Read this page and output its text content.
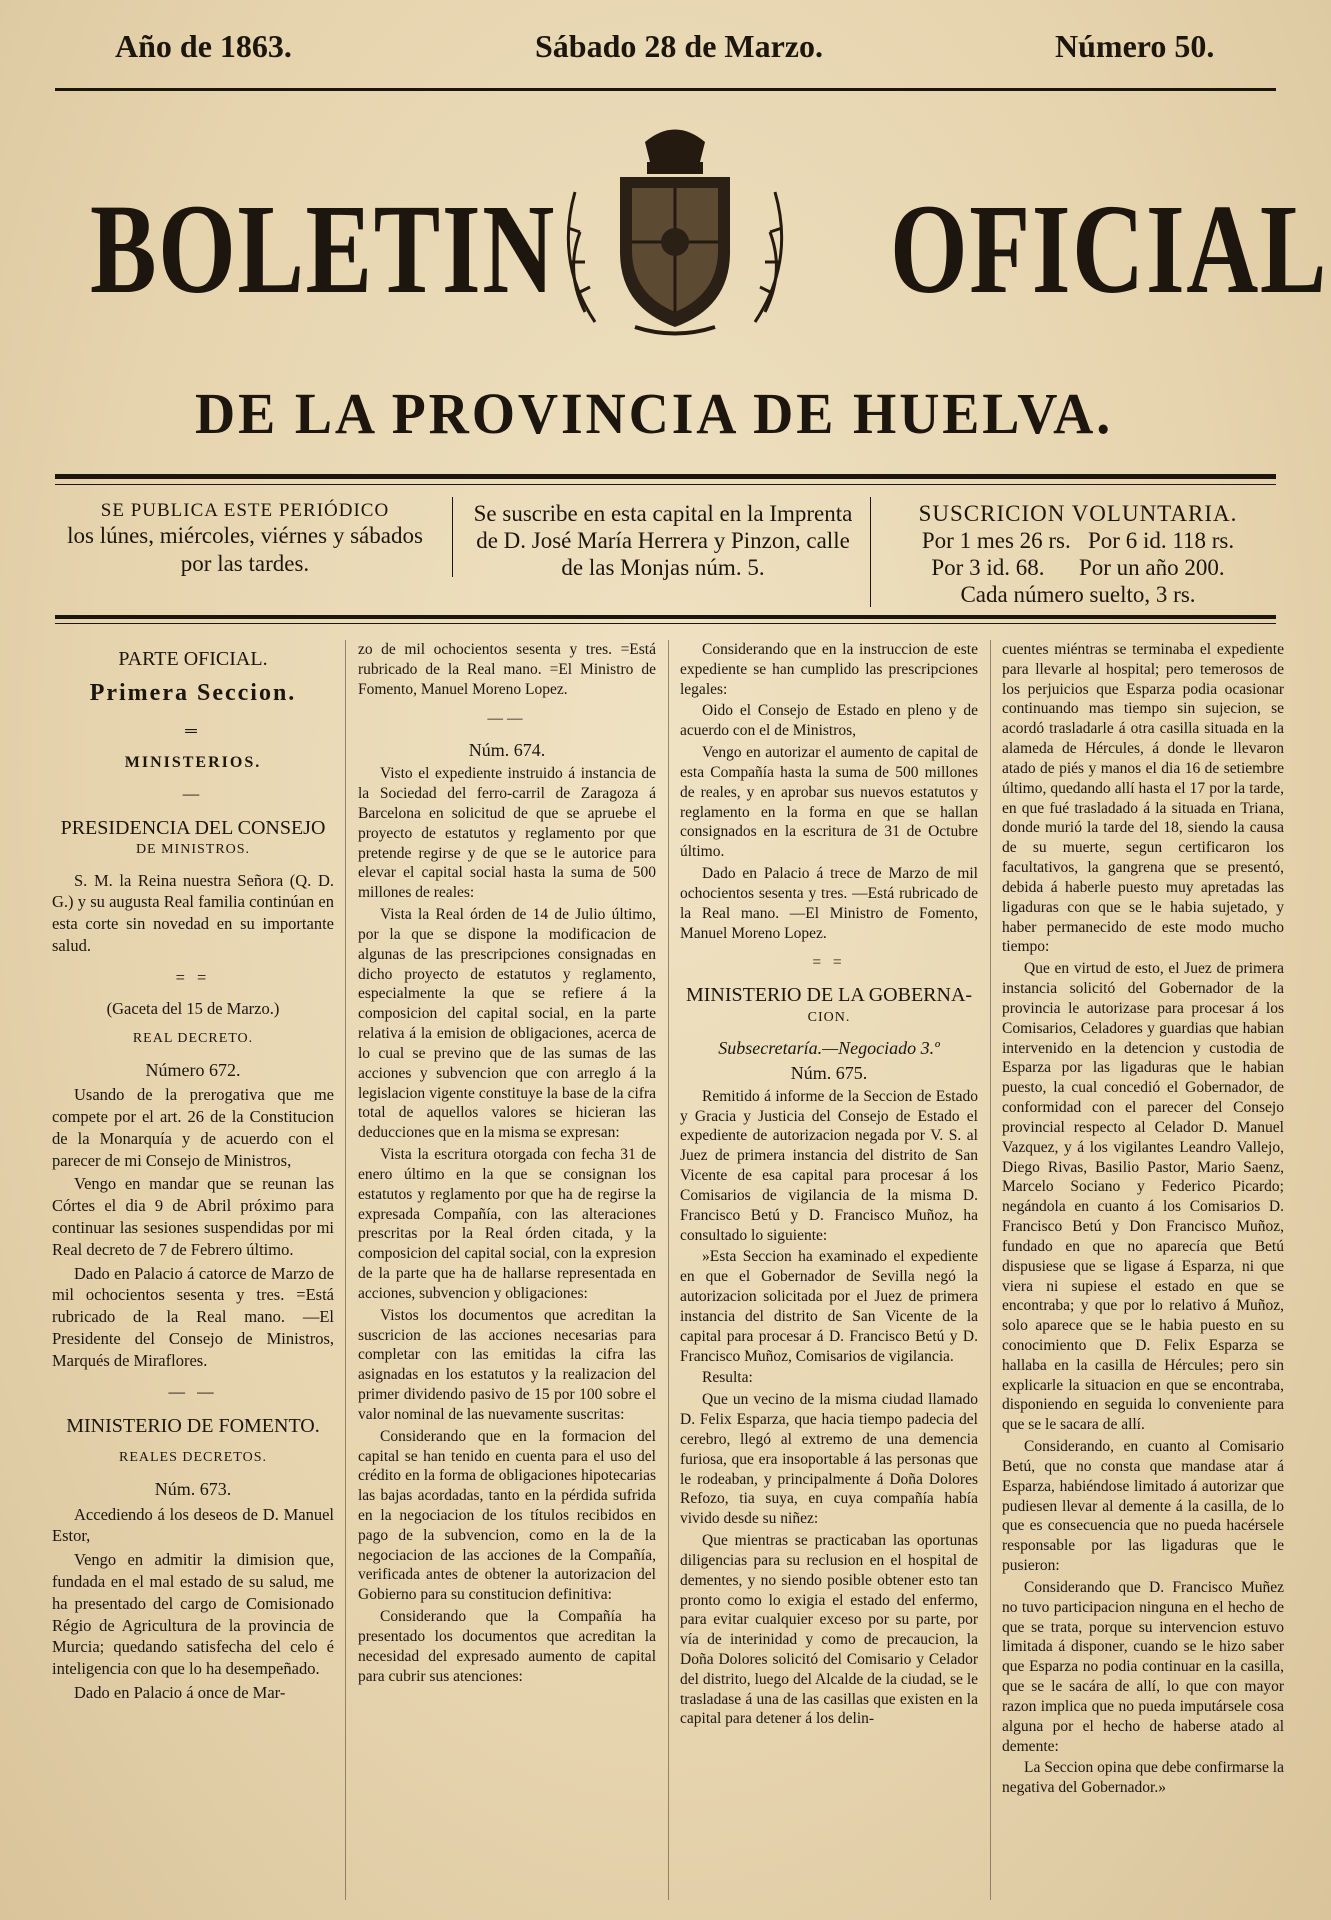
Año de 1863.	Sábado 28 de Marzo.	Número 50.
BOLETIN	OFICIAL
DE LA PROVINCIA DE HUELVA.
SE PUBLICA ESTE PERIÓDICO
los lúnes, miércoles, viérnes y sábados
por las tardes.
Se suscribe en esta capital en la Imprenta
de D. José María Herrera y Pinzon, calle
de las Monjas núm. 5.
SUSCRICION VOLUNTARIA.
Por 1 mes 26 rs.   Por 6 id. 118 rs.
Por 3 id. 68.      Por un año 200.
Cada número suelto, 3 rs.
PARTE OFICIAL.
Primera Seccion.
═
MINISTERIOS.
—
PRESIDENCIA DEL CONSEJO
DE MINISTROS.

S. M. la Reina nuestra Señora (Q. D. G.) y su augusta Real familia continúan en esta corte sin novedad en su importante salud.

= =

(Gaceta del 15 de Marzo.)

REAL DECRETO.

Número 672.

Usando de la prerogativa que me compete por el art. 26 de la Constitucion de la Monarquía y de acuerdo con el parecer de mi Consejo de Ministros,

Vengo en mandar que se reunan las Córtes el dia 9 de Abril próximo para continuar las sesiones suspendidas por mi Real decreto de 7 de Febrero último.

Dado en Palacio á catorce de Marzo de mil ochocientos sesenta y tres. =Está rubricado de la Real mano. —El Presidente del Consejo de Ministros, Marqués de Miraflores.

— —
MINISTERIO DE FOMENTO.
REALES DECRETOS.

Núm. 673.

Accediendo á los deseos de D. Manuel Estor,

Vengo en admitir la dimision que, fundada en el mal estado de su salud, me ha presentado del cargo de Comisionado Régio de Agricultura de la provincia de Murcia; quedando satisfecha del celo é inteligencia con que lo ha desempeñado.

Dado en Palacio á once de Mar-

zo de mil ochocientos sesenta y tres. =Está rubricado de la Real mano. =El Ministro de Fomento, Manuel Moreno Lopez.

——

Núm. 674.

Visto el expediente instruido á instancia de la Sociedad del ferro-carril de Zaragoza á Barcelona en solicitud de que se apruebe el proyecto de estatutos y reglamento por que pretende regirse y de que se le autorice para elevar el capital social hasta la suma de 500 millones de reales:

Vista la Real órden de 14 de Julio último, por la que se dispone la modificacion de algunas de las prescripciones consignadas en dicho proyecto de estatutos y reglamento, especialmente la que se refiere á la composicion del capital social, en la parte relativa á la emision de obligaciones, acerca de lo cual se previno que de las sumas de las acciones y subvencion que con arreglo á la legislacion vigente constituye la base de la cifra total de aquellos valores se hicieran las deducciones que en la misma se expresan:

Vista la escritura otorgada con fecha 31 de enero último en la que se consignan los estatutos y reglamento por que ha de regirse la expresada Compañía, con las alteraciones prescritas por la Real órden citada, y la composicion del capital social, con la expresion de la parte que ha de hallarse representada en acciones, subvencion y obligaciones:

Vistos los documentos que acreditan la suscricion de las acciones necesarias para completar con las emitidas la cifra las asignadas en los estatutos y la realizacion del primer dividendo pasivo de 15 por 100 sobre el valor nominal de las nuevamente suscritas:

Considerando que en la formacion del capital se han tenido en cuenta para el uso del crédito en la forma de obligaciones hipotecarias las bajas acordadas, tanto en la pérdida sufrida en la negociacion de los títulos recibidos en pago de la subvencion, como en la de la negociacion de las acciones de la Compañía, verificada antes de obtener la autorizacion del Gobierno para su constitucion definitiva:

Considerando que la Compañía ha presentado los documentos que acreditan la necesidad del expresado aumento de capital para cubrir sus atenciones:

Considerando que en la instruccion de este expediente se han cumplido las prescripciones legales:

Oido el Consejo de Estado en pleno y de acuerdo con el de Ministros,

Vengo en autorizar el aumento de capital de esta Compañía hasta la suma de 500 millones de reales, y en aprobar sus nuevos estatutos y reglamento en la forma en que se hallan consignados en la escritura de 31 de Octubre último.

Dado en Palacio á trece de Marzo de mil ochocientos sesenta y tres. —Está rubricado de la Real mano. —El Ministro de Fomento, Manuel Moreno Lopez.

= =
MINISTERIO DE LA GOBERNA-
CION.

Subsecretaría.—Negociado 3.º

Núm. 675.

Remitido á informe de la Seccion de Estado y Gracia y Justicia del Consejo de Estado el expediente de autorizacion negada por V. S. al Juez de primera instancia del distrito de San Vicente de esa capital para procesar á los Comisarios de vigilancia de la misma D. Francisco Betú y D. Francisco Muñoz, ha consultado lo siguiente:

»Esta Seccion ha examinado el expediente en que el Gobernador de Sevilla negó la autorizacion solicitada por el Juez de primera instancia del distrito de San Vicente de la capital para procesar á D. Francisco Betú y D. Francisco Muñoz, Comisarios de vigilancia.

Resulta:

Que un vecino de la misma ciudad llamado D. Felix Esparza, que hacia tiempo padecia del cerebro, llegó al extremo de una demencia furiosa, que era insoportable á las personas que le rodeaban, y principalmente á Doña Dolores Refozo, tia suya, en cuya compañía había vivido desde su niñez:

Que mientras se practicaban las oportunas diligencias para su reclusion en el hospital de dementes, y no siendo posible obtener esto tan pronto como lo exigia el estado del enfermo, para evitar cualquier exceso por su parte, por vía de interinidad y como de precaucion, la Doña Dolores solicitó del Comisario y Celador del distrito, luego del Alcalde de la ciudad, se le trasladase á una de las casillas que existen en la capital para detener á los delin-

cuentes miéntras se terminaba el expediente para llevarle al hospital; pero temerosos de los perjuicios que Esparza podia ocasionar continuando mas tiempo sin sujecion, se acordó trasladarle á otra casilla situada en la alameda de Hércules, á donde le llevaron atado de piés y manos el dia 16 de setiembre último, quedando allí hasta el 17 por la tarde, en que fué trasladado á la situada en Triana, donde murió la tarde del 18, siendo la causa de su muerte, segun certificaron los facultativos, la gangrena que se presentó, debida á haberle puesto muy apretadas las ligaduras con que se le habia sujetado, y haber permanecido de este modo mucho tiempo:

Que en virtud de esto, el Juez de primera instancia solicitó del Gobernador de la provincia le autorizase para procesar á los Comisarios, Celadores y guardias que habian intervenido en la detencion y custodia de Esparza por las ligaduras que le habian puesto, la cual concedió el Gobernador, de conformidad con el parecer del Consejo provincial respecto al Celador D. Manuel Vazquez, y á los vigilantes Leandro Vallejo, Diego Rivas, Basilio Pastor, Mario Saenz, Marcelo Sociano y Federico Picardo; negándola en cuanto á los Comisarios D. Francisco Betú y Don Francisco Muñoz, fundado en que no aparecía que Betú dispusiese que se ligase á Esparza, ni que viera ni supiese el estado en que se encontraba; y que por lo relativo á Muñoz, solo aparece que se le habia puesto en su conocimiento que D. Felix Esparza se hallaba en la casilla de Hércules; pero sin explicarle la situacion en que se encontraba, disponiendo en seguida lo conveniente para que se le sacara de allí.

Considerando, en cuanto al Comisario Betú, que no consta que mandase atar á Esparza, habiéndose limitado á autorizar que pudiesen llevar al demente á la casilla, de lo que es consecuencia que no pueda hacérsele responsable por las ligaduras que le pusieron:

Considerando que D. Francisco Muñez no tuvo participacion ninguna en el hecho de que se trata, porque su intervencion estuvo limitada á disponer, cuando se le hizo saber que Esparza no podia continuar en la casilla, que se le sacára de allí, lo que con mayor razon implica que no pueda imputársele cosa alguna por el hecho de haberse atado al demente:

La Seccion opina que debe confirmarse la negativa del Gobernador.»
